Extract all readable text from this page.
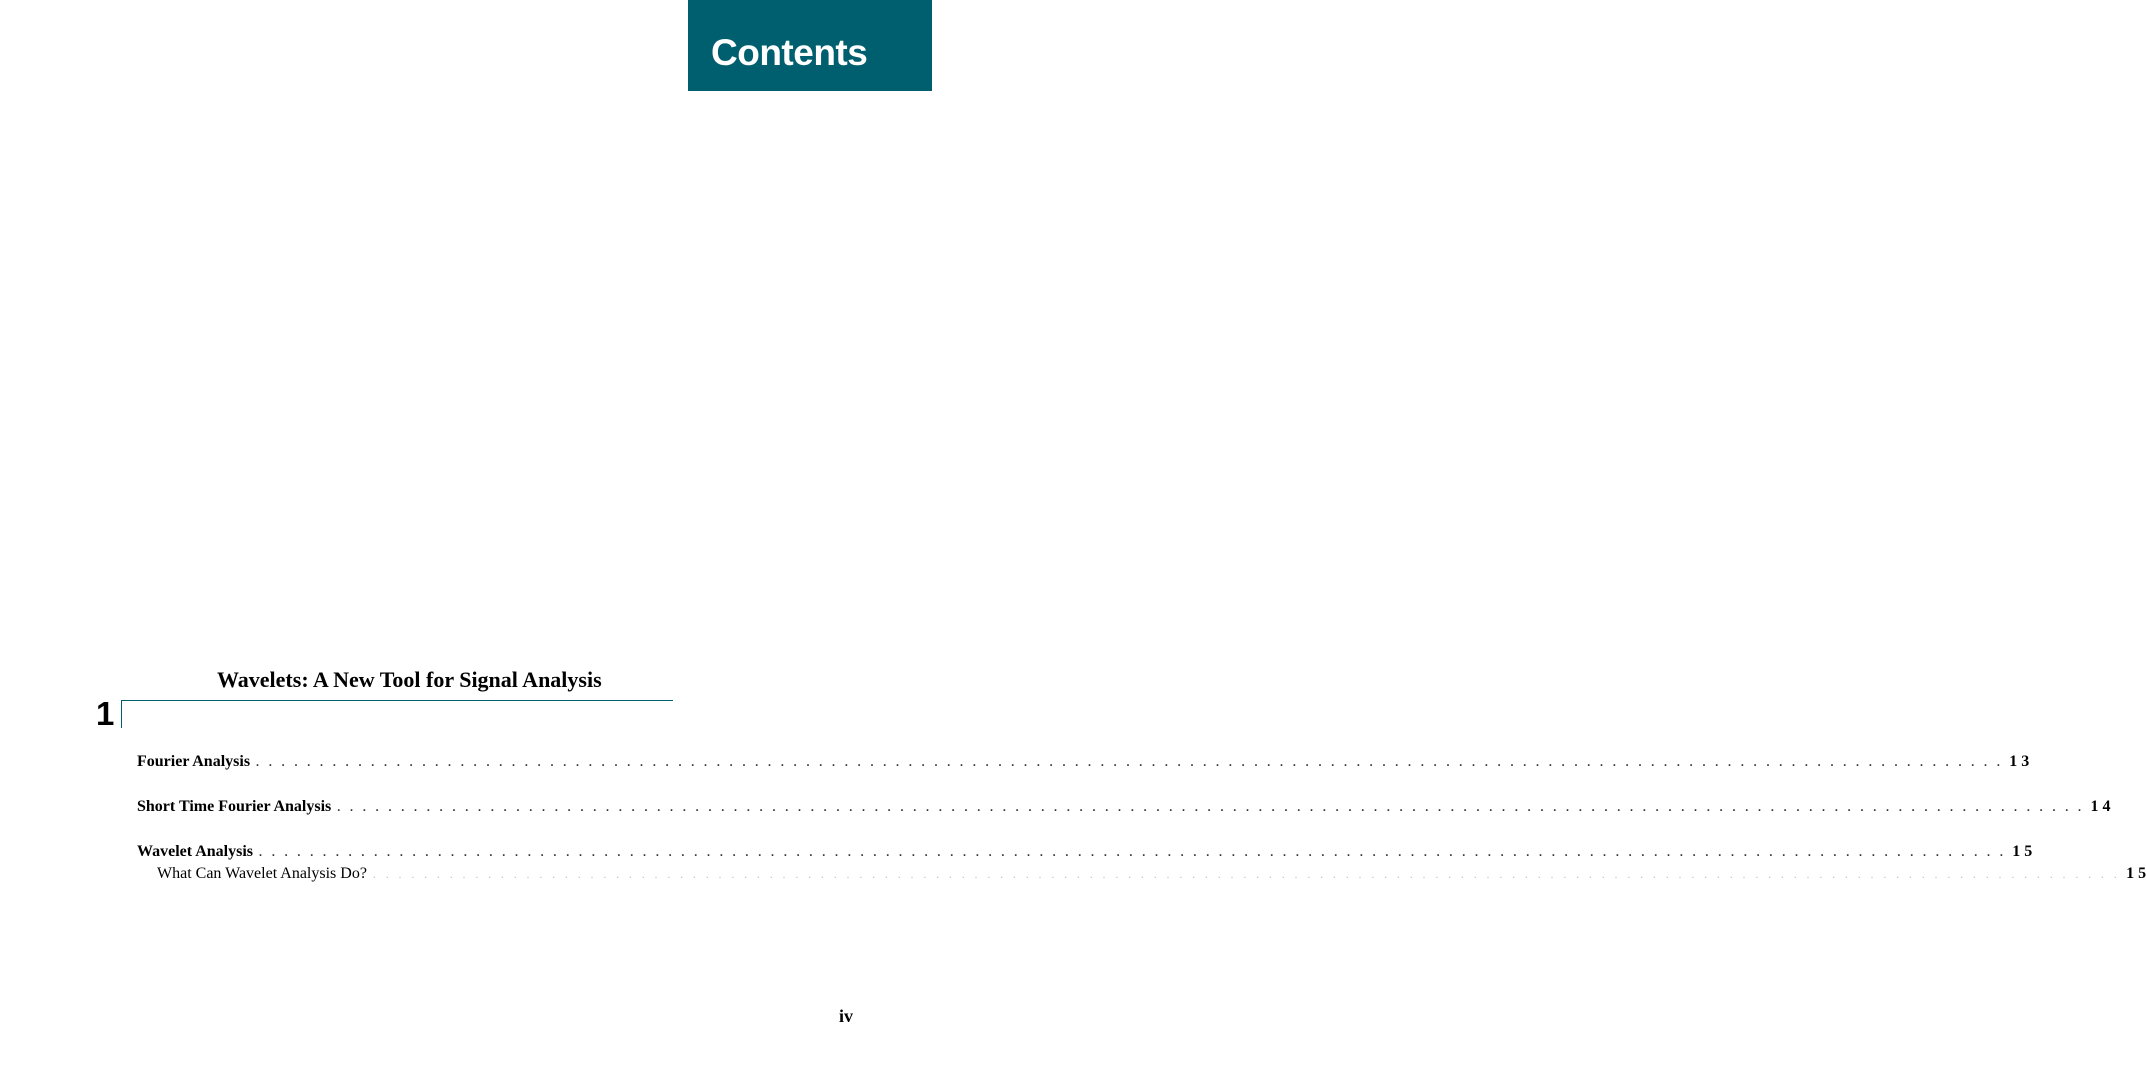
Contents
Wavelets: A New Tool for Signal Analysis
1
Fourier Analysis . . . . . . . . . . . . . . . . . . . . . . . . . . . . . . . . . . . . . . . . . . . . . . . . . . . . . . . . . . . . . . . . . . . . . . . . . . . . . . . . . . . . . . . . . . . . . . . . . . . . . . . . . . . . . . . . . . . . . . . . . . . . . . . . . . . . . . . . . 1 3
Short Time Fourier Analysis . . . . . . . . . . . . . . . . . . . . . . . . . . . . . . . . . . . . . . . . . . . . . . . . . . . . . . . . . . . . . . . . . . . . . . . . . . . . . . . . . . . . . . . . . . . . . . . . . . . . . . . . . . . . . . . . . . . . . . . . . . . . . . . . . . . . . . . . . 1 4
Wavelet Analysis . . . . . . . . . . . . . . . . . . . . . . . . . . . . . . . . . . . . . . . . . . . . . . . . . . . . . . . . . . . . . . . . . . . . . . . . . . . . . . . . . . . . . . . . . . . . . . . . . . . . . . . . . . . . . . . . . . . . . . . . . . . . . . . . . . . . . . . . . 1 5
What Can Wavelet Analysis Do? . . . . . . . . . . . . . . . . . . . . . . . . . . . . . . . . . . . . . . . . . . . . . . . . . . . . . . . . . . . . . . . . . . . . . . . . . . . . . . . . . . . . . . . . . . . . . . . . . . . . . . . . . . . . . . . . . . . . . . . . . . . . . . . . . . . . . . . . . 1 5
iv
